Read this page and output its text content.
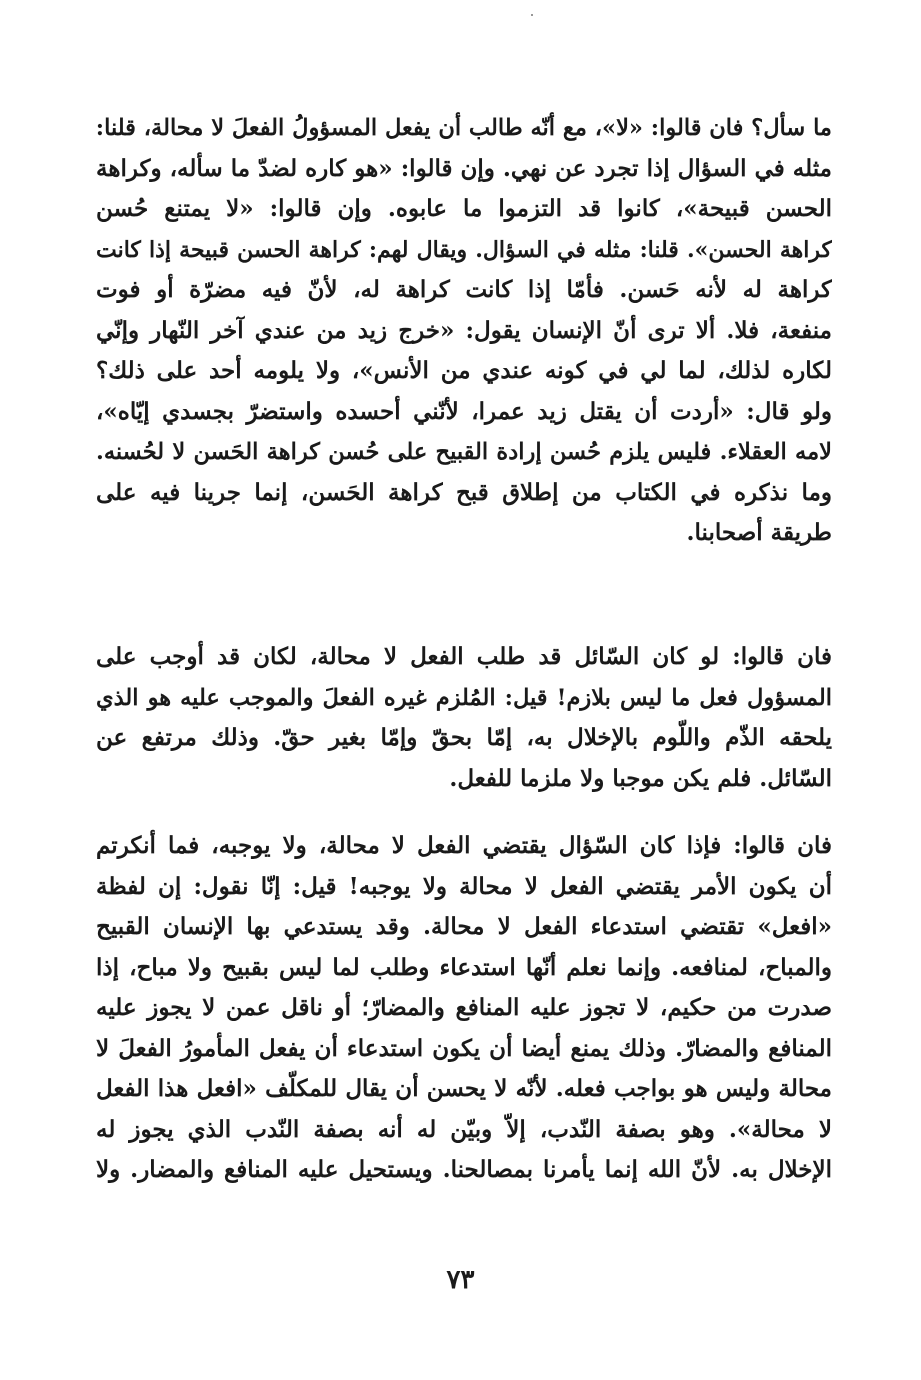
ما سأل؟ فان قالوا: «لا»، مع أنّه طالب أن يفعل المسؤولُ الفعلَ لا محالة، قلنا:
مثله في السؤال إذا تجرد عن نهي. وإن قالوا: «هو كاره لضدّ ما سأله، وكراهة
الحسن قبيحة»، كانوا قد التزموا ما عابوه. وإن قالوا: «لا يمتنع حُسن
كراهة الحسن». قلنا: مثله في السؤال. ويقال لهم: كراهة الحسن قبيحة إذا كانت
كراهة له لأنه حَسن. فأمّا إذا كانت كراهة له، لأنّ فيه مضرّة أو فوت
منفعة، فلا. ألا ترى أنّ الإنسان يقول: «خرج زيد من عندي آخر النّهار وإنّي
لكاره لذلك، لما لي في كونه عندي من الأنس»، ولا يلومه أحد على ذلك؟
ولو قال: «أردت أن يقتل زيد عمرا، لأنّني أحسده واستضرّ بجسدي إيّاه»،
لامه العقلاء. فليس يلزم حُسن إرادة القبيح على حُسن كراهة الحَسن لا لحُسنه.
وما نذكره في الكتاب من إطلاق قبح كراهة الحَسن، إنما جرينا فيه على
طريقة أصحابنا.
فان قالوا: لو كان السّائل قد طلب الفعل لا محالة، لكان قد أوجب على
المسؤول فعل ما ليس بلازم! قيل: المُلزم غيره الفعلَ والموجب عليه هو الذي
يلحقه الذّم واللّوم بالإخلال به، إمّا بحقّ وإمّا بغير حقّ. وذلك مرتفع عن
السّائل. فلم يكن موجبا ولا ملزما للفعل.
فان قالوا: فإذا كان السّؤال يقتضي الفعل لا محالة، ولا يوجبه، فما أنكرتم
أن يكون الأمر يقتضي الفعل لا محالة ولا يوجبه! قيل: إنّا نقول: إن لفظة
«افعل» تقتضي استدعاء الفعل لا محالة. وقد يستدعي بها الإنسان القبيح
والمباح، لمنافعه. وإنما نعلم أنّها استدعاء وطلب لما ليس بقبيح ولا مباح، إذا
صدرت من حكيم، لا تجوز عليه المنافع والمضارّ؛ أو ناقل عمن لا يجوز عليه
المنافع والمضارّ. وذلك يمنع أيضا أن يكون استدعاء أن يفعل المأمورُ الفعلَ لا
محالة وليس هو بواجب فعله. لأنّه لا يحسن أن يقال للمكلّف «افعل هذا الفعل
لا محالة». وهو بصفة النّدب، إلاّ وبيّن له أنه بصفة النّدب الذي يجوز له
الإخلال به. لأنّ الله إنما يأمرنا بمصالحنا. ويستحيل عليه المنافع والمضار. ولا
٧٣
